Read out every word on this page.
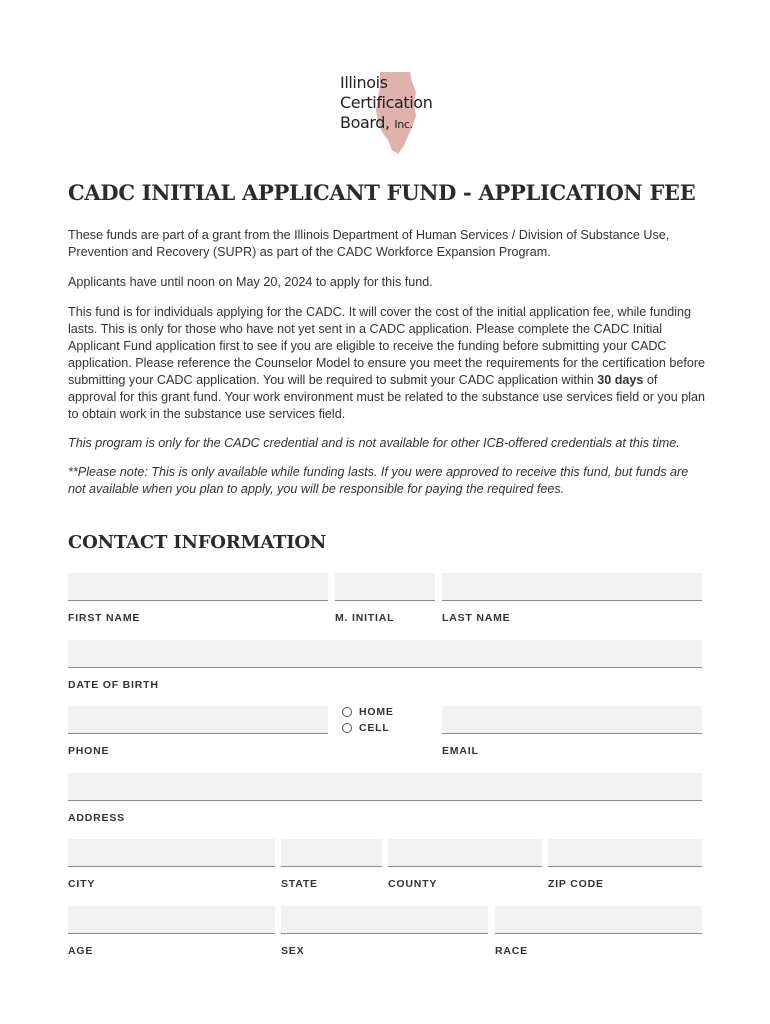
Illinois
Certification
Board, Inc.
CADC INITIAL APPLICANT FUND - APPLICATION FEE

These funds are part of a grant from the Illinois Department of Human Services / Division of Substance Use, Prevention and Recovery (SUPR) as part of the CADC Workforce Expansion Program.

Applicants have until noon on May 20, 2024 to apply for this fund.

This fund is for individuals applying for the CADC. It will cover the cost of the initial application fee, while funding lasts. This is only for those who have not yet sent in a CADC application. Please complete the CADC Initial Applicant Fund application first to see if you are eligible to receive the funding before submitting your CADC application. Please reference the Counselor Model to ensure you meet the requirements for the certification before submitting your CADC application. You will be required to submit your CADC application within 30 days of approval for this grant fund. Your work environment must be related to the substance use services field or you plan to obtain work in the substance use services field.

This program is only for the CADC credential and is not available for other ICB-offered credentials at this time.

**Please note: This is only available while funding lasts. If you were approved to receive this fund, but funds are not available when you plan to apply, you will be responsible for paying the required fees.

CONTACT INFORMATION
FIRST NAME	M. INITIAL	LAST NAME
DATE OF BIRTH
HOME
CELL
PHONE	EMAIL
ADDRESS
CITY	STATE	COUNTY	ZIP CODE
AGE	SEX	RACE
